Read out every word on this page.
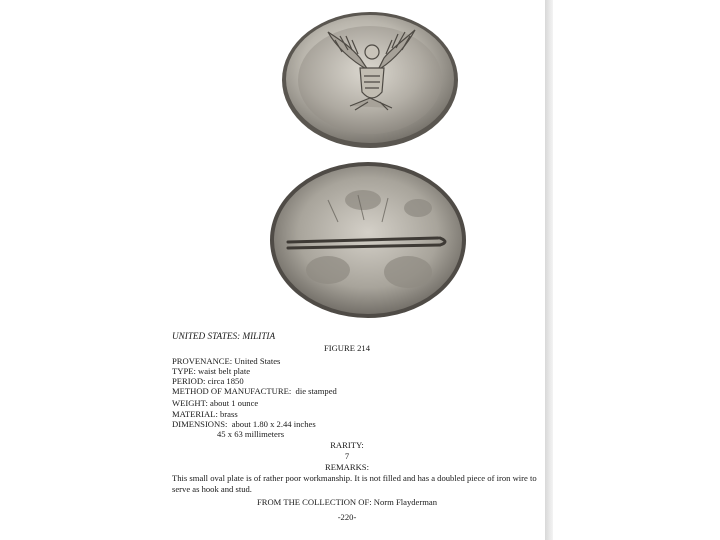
UNITED STATES: MILITIA
FIGURE 214
PROVENANCE: United States
TYPE: waist belt plate
PERIOD: circa 1850
METHOD OF MANUFACTURE: die stamped
WEIGHT: about 1 ounce
MATERIAL: brass
DIMENSIONS: about 1.80 x 2.44 inches
45 x 63 millimeters
RARITY:
7
REMARKS:
This small oval plate is of rather poor workmanship. It is not filled and has a doubled piece of iron wire to serve as hook and stud.
FROM THE COLLECTION OF: Norm Flayderman
-220-
